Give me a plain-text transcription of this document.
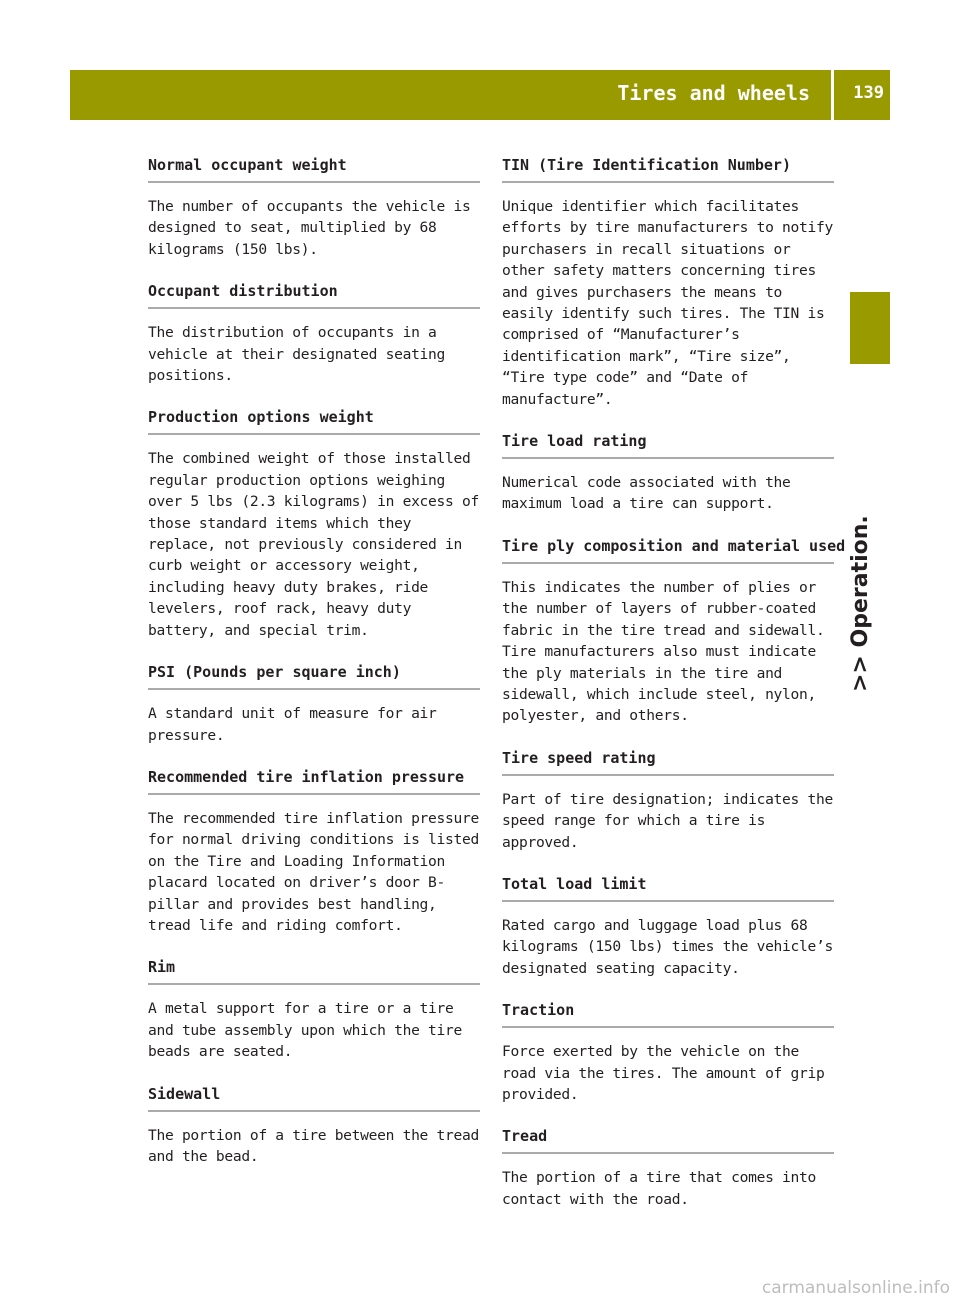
Tires and wheels	139
>> Operation.
Normal occupant weight

The number of occupants the vehicle is designed to seat, multiplied by 68 kilograms (150 lbs).

Occupant distribution

The distribution of occupants in a vehicle at their designated seating positions.

Production options weight

The combined weight of those installed regular production options weighing over 5 lbs (2.3 kilograms) in excess of those standard items which they replace, not previously considered in curb weight or accessory weight, including heavy duty brakes, ride levelers, roof rack, heavy duty battery, and special trim.

PSI (Pounds per square inch)

A standard unit of measure for air pressure.

Recommended tire inflation pressure

The recommended tire inflation pressure for normal driving conditions is listed on the Tire and Loading Information placard located on driver’s door B-pillar and provides best handling, tread life and riding comfort.

Rim

A metal support for a tire or a tire and tube assembly upon which the tire beads are seated.

Sidewall

The portion of a tire between the tread and the bead.

TIN (Tire Identification Number)

Unique identifier which facilitates efforts by tire manufacturers to notify purchasers in recall situations or other safety matters concerning tires and gives purchasers the means to easily identify such tires. The TIN is comprised of “Manufacturer’s identification mark”, “Tire size”, “Tire type code” and “Date of manufacture”.

Tire load rating

Numerical code associated with the maximum load a tire can support.

Tire ply composition and material used

This indicates the number of plies or the number of layers of rubber-coated fabric in the tire tread and sidewall. Tire manufacturers also must indicate the ply materials in the tire and sidewall, which include steel, nylon, polyester, and others.

Tire speed rating

Part of tire designation; indicates the speed range for which a tire is approved.

Total load limit

Rated cargo and luggage load plus 68 kilograms (150 lbs) times the vehicle’s designated seating capacity.

Traction

Force exerted by the vehicle on the road via the tires. The amount of grip provided.

Tread

The portion of a tire that comes into contact with the road.

carmanualsonline.info
